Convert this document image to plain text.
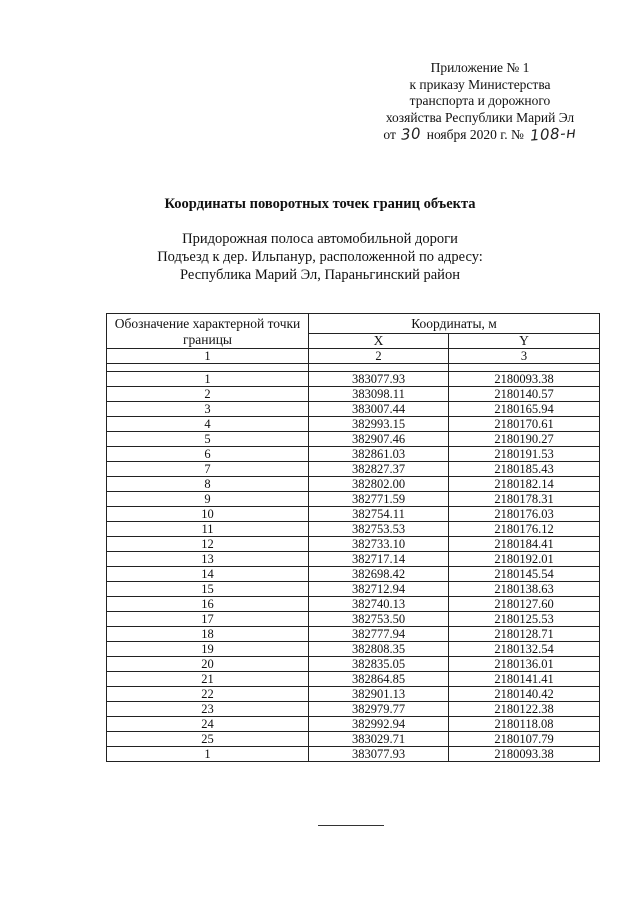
Приложение № 1
к приказу Министерства
транспорта и дорожного
хозяйства Республики Марий Эл
от 30 ноября 2020 г. № 108-н
Координаты поворотных точек границ объекта
Придорожная полоса автомобильной дороги
Подъезд к дер. Ильпанур, расположенной по адресу:
Республика Марий Эл, Параньгинский район
Обозначение характерной точки границы	Координаты, м	
	X	Y
1	2	3

1	383077.93	2180093.38
2	383098.11	2180140.57
3	383007.44	2180165.94
4	382993.15	2180170.61
5	382907.46	2180190.27
6	382861.03	2180191.53
7	382827.37	2180185.43
8	382802.00	2180182.14
9	382771.59	2180178.31
10	382754.11	2180176.03
11	382753.53	2180176.12
12	382733.10	2180184.41
13	382717.14	2180192.01
14	382698.42	2180145.54
15	382712.94	2180138.63
16	382740.13	2180127.60
17	382753.50	2180125.53
18	382777.94	2180128.71
19	382808.35	2180132.54
20	382835.05	2180136.01
21	382864.85	2180141.41
22	382901.13	2180140.42
23	382979.77	2180122.38
24	382992.94	2180118.08
25	383029.71	2180107.79
1	383077.93	2180093.38
